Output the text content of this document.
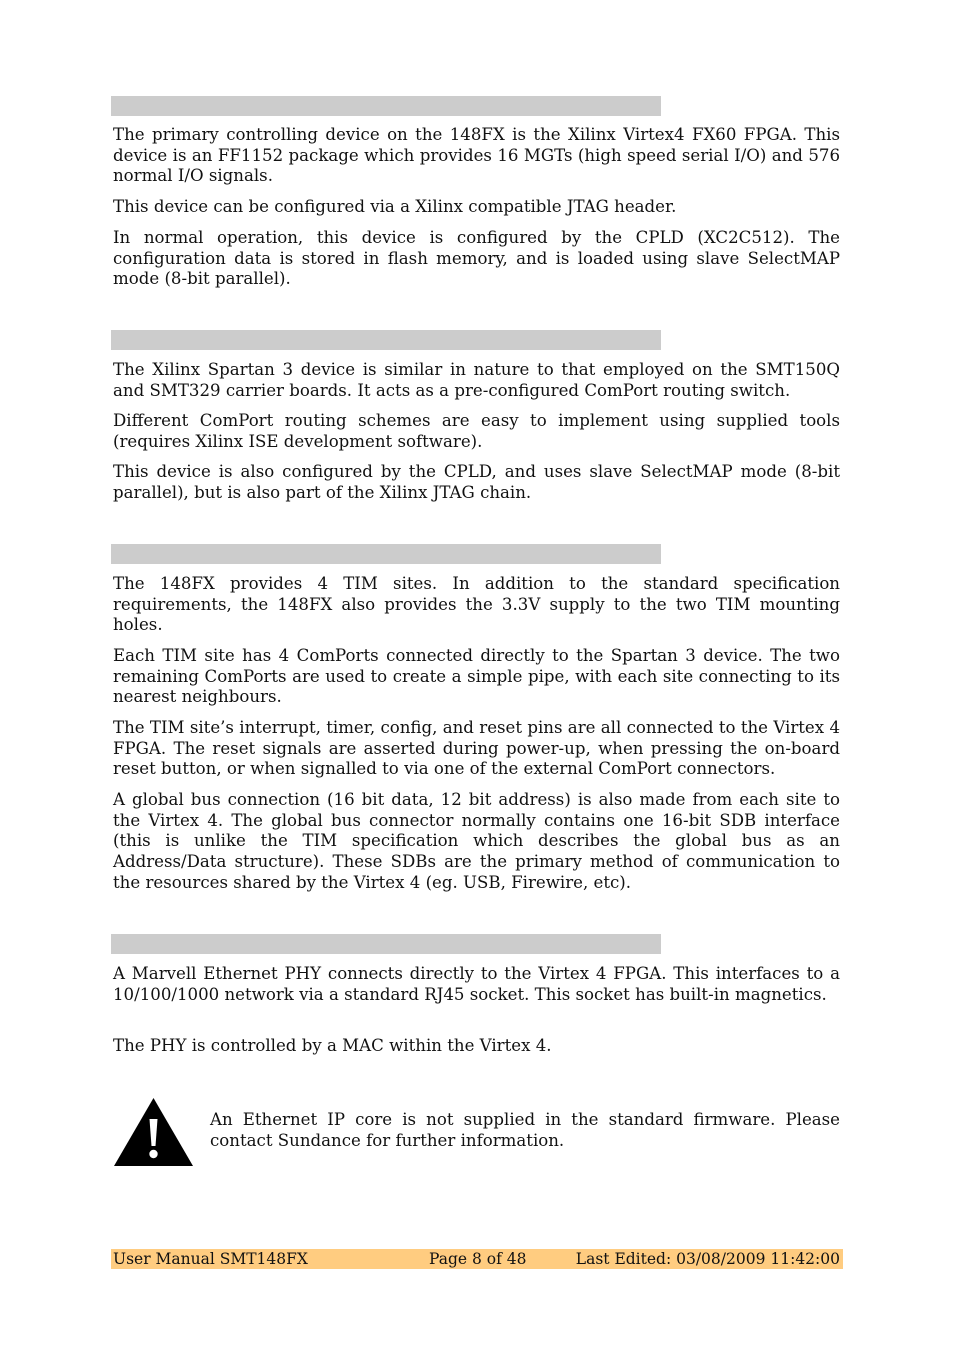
The primary controlling device on the 148FX is the Xilinx Virtex4 FX60 FPGA. This device is an FF1152 package which provides 16 MGTs (high speed serial I/O) and 576 normal I/O signals.

This device can be configured via a Xilinx compatible JTAG header.

In normal operation, this device is configured by the CPLD (XC2C512). The configuration data is stored in flash memory, and is loaded using slave SelectMAP mode (8-bit parallel).

The Xilinx Spartan 3 device is similar in nature to that employed on the SMT150Q and SMT329 carrier boards. It acts as a pre-configured ComPort routing switch.

Different ComPort routing schemes are easy to implement using supplied tools (requires Xilinx ISE development software).

This device is also configured by the CPLD, and uses slave SelectMAP mode (8-bit parallel), but is also part of the Xilinx JTAG chain.

The 148FX provides 4 TIM sites. In addition to the standard specification requirements, the 148FX also provides the 3.3V supply to the two TIM mounting holes.

Each TIM site has 4 ComPorts connected directly to the Spartan 3 device. The two remaining ComPorts are used to create a simple pipe, with each site connecting to its nearest neighbours.

The TIM site’s interrupt, timer, config, and reset pins are all connected to the Virtex 4 FPGA. The reset signals are asserted during power-up, when pressing the on-board reset button, or when signalled to via one of the external ComPort connectors.

A global bus connection (16 bit data, 12 bit address) is also made from each site to the Virtex 4. The global bus connector normally contains one 16-bit SDB interface (this is unlike the TIM specification which describes the global bus as an Address/Data structure). These SDBs are the primary method of communication to the resources shared by the Virtex 4 (eg. USB, Firewire, etc).

A Marvell Ethernet PHY connects directly to the Virtex 4 FPGA. This interfaces to a 10/100/1000 network via a standard RJ45 socket. This socket has built-in magnetics.

The PHY is controlled by a MAC within the Virtex 4.

An Ethernet IP core is not supplied in the standard firmware. Please contact Sundance for further information.

User Manual SMT148FX	Page 8 of 48	Last Edited: 03/08/2009 11:42:00
